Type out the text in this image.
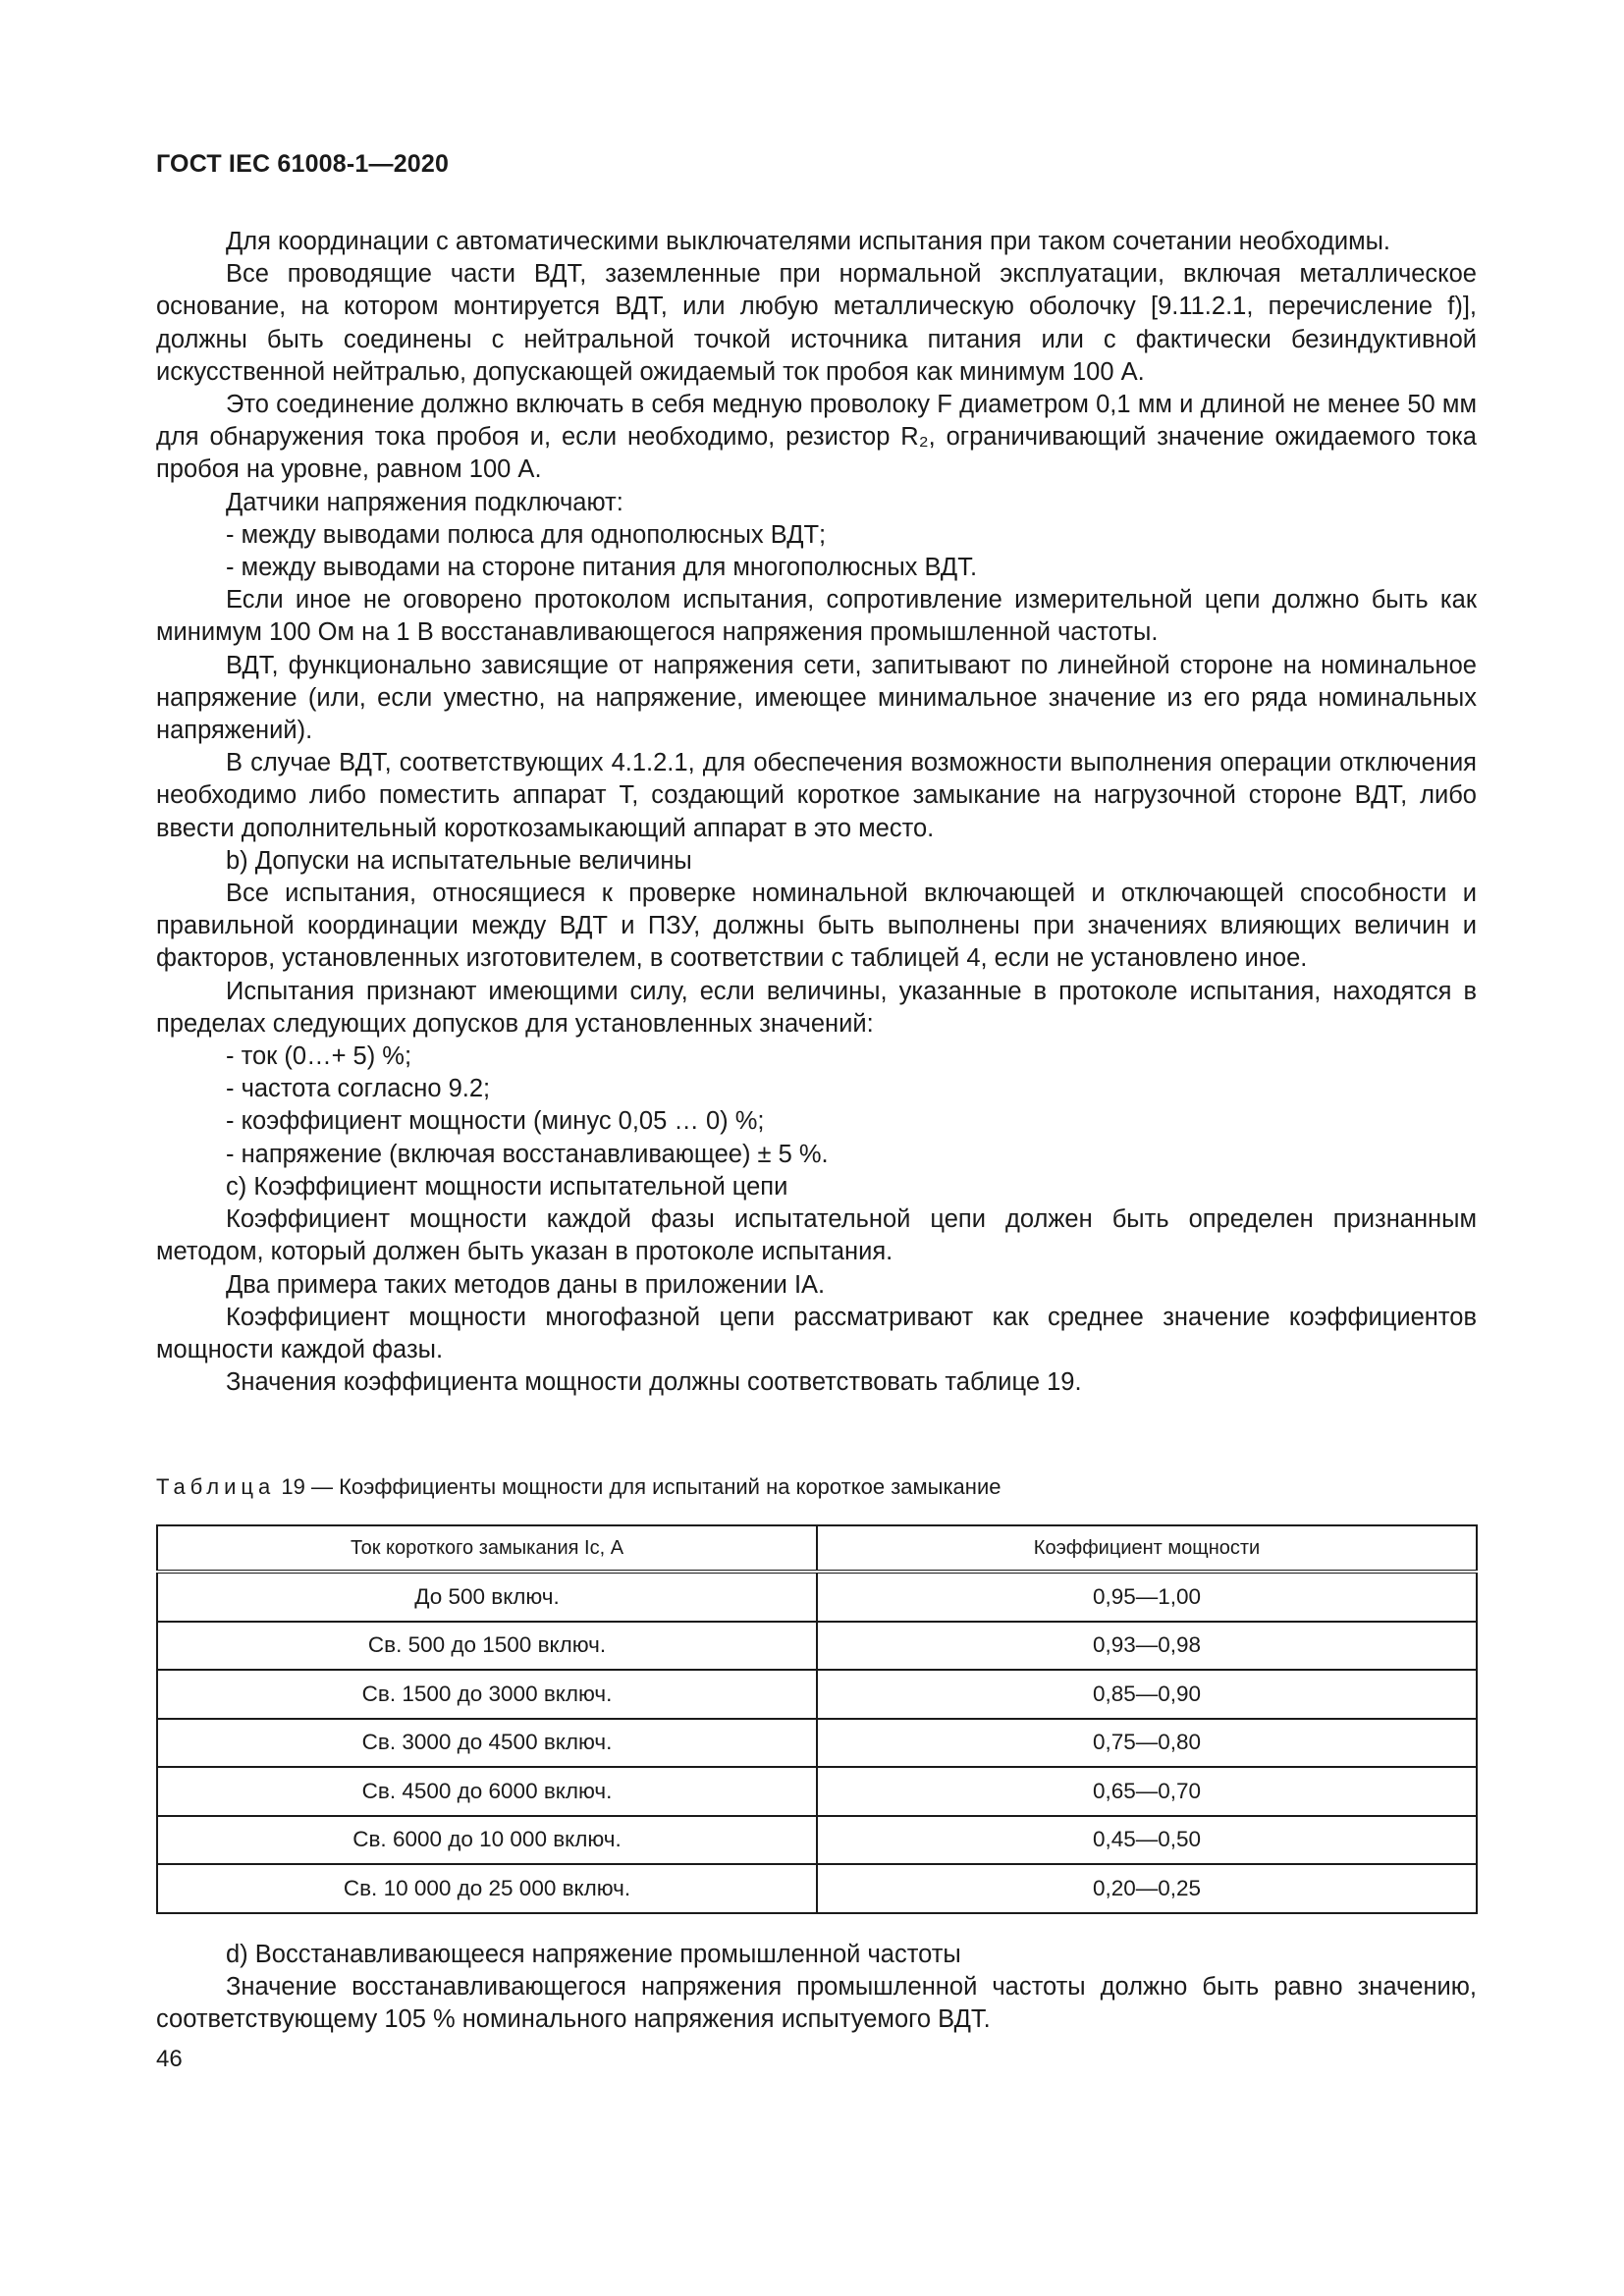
ГОСТ IEC 61008-1—2020

Для координации с автоматическими выключателями испытания при таком сочетании необходимы.

Все проводящие части ВДТ, заземленные при нормальной эксплуатации, включая металлическое основание, на котором монтируется ВДТ, или любую металлическую оболочку [9.11.2.1, перечисление f)], должны быть соединены с нейтральной точкой источника питания или с фактически безиндуктивной искусственной нейтралью, допускающей ожидаемый ток пробоя как минимум 100 А.

Это соединение должно включать в себя медную проволоку F диаметром 0,1 мм и длиной не менее 50 мм для обнаружения тока пробоя и, если необходимо, резистор R₂, ограничивающий значение ожидаемого тока пробоя на уровне, равном 100 А.

Датчики напряжения подключают:

- между выводами полюса для однополюсных ВДТ;

- между выводами на стороне питания для многополюсных ВДТ.

Если иное не оговорено протоколом испытания, сопротивление измерительной цепи должно быть как минимум 100 Ом на 1 В восстанавливающегося напряжения промышленной частоты.

ВДТ, функционально зависящие от напряжения сети, запитывают по линейной стороне на номинальное напряжение (или, если уместно, на напряжение, имеющее минимальное значение из его ряда номинальных напряжений).

В случае ВДТ, соответствующих 4.1.2.1, для обеспечения возможности выполнения операции отключения необходимо либо поместить аппарат T, создающий короткое замыкание на нагрузочной стороне ВДТ, либо ввести дополнительный короткозамыкающий аппарат в это место.

b) Допуски на испытательные величины

Все испытания, относящиеся к проверке номинальной включающей и отключающей способности и правильной координации между ВДТ и ПЗУ, должны быть выполнены при значениях влияющих величин и факторов, установленных изготовителем, в соответствии с таблицей 4, если не установлено иное.

Испытания признают имеющими силу, если величины, указанные в протоколе испытания, находятся в пределах следующих допусков для установленных значений:

- ток (0…+ 5) %;

- частота согласно 9.2;

- коэффициент мощности (минус 0,05 … 0) %;

- напряжение (включая восстанавливающее) ± 5 %.

c) Коэффициент мощности испытательной цепи

Коэффициент мощности каждой фазы испытательной цепи должен быть определен признанным методом, который должен быть указан в протоколе испытания.

Два примера таких методов даны в приложении IA.

Коэффициент мощности многофазной цепи рассматривают как среднее значение коэффициентов мощности каждой фазы.

Значения коэффициента мощности должны соответствовать таблице 19.

Таблица 19 — Коэффициенты мощности для испытаний на короткое замыкание
Ток короткого замыкания Iс, А	Коэффициент мощности
До 500 включ.	0,95—1,00
Св. 500 до 1500 включ.	0,93—0,98
Св. 1500 до 3000 включ.	0,85—0,90
Св. 3000 до 4500 включ.	0,75—0,80
Св. 4500 до 6000 включ.	0,65—0,70
Св. 6000 до 10 000 включ.	0,45—0,50
Св. 10 000 до 25 000 включ.	0,20—0,25

d) Восстанавливающееся напряжение промышленной частоты

Значение восстанавливающегося напряжения промышленной частоты должно быть равно значению, соответствующему 105 % номинального напряжения испытуемого ВДТ.

46
